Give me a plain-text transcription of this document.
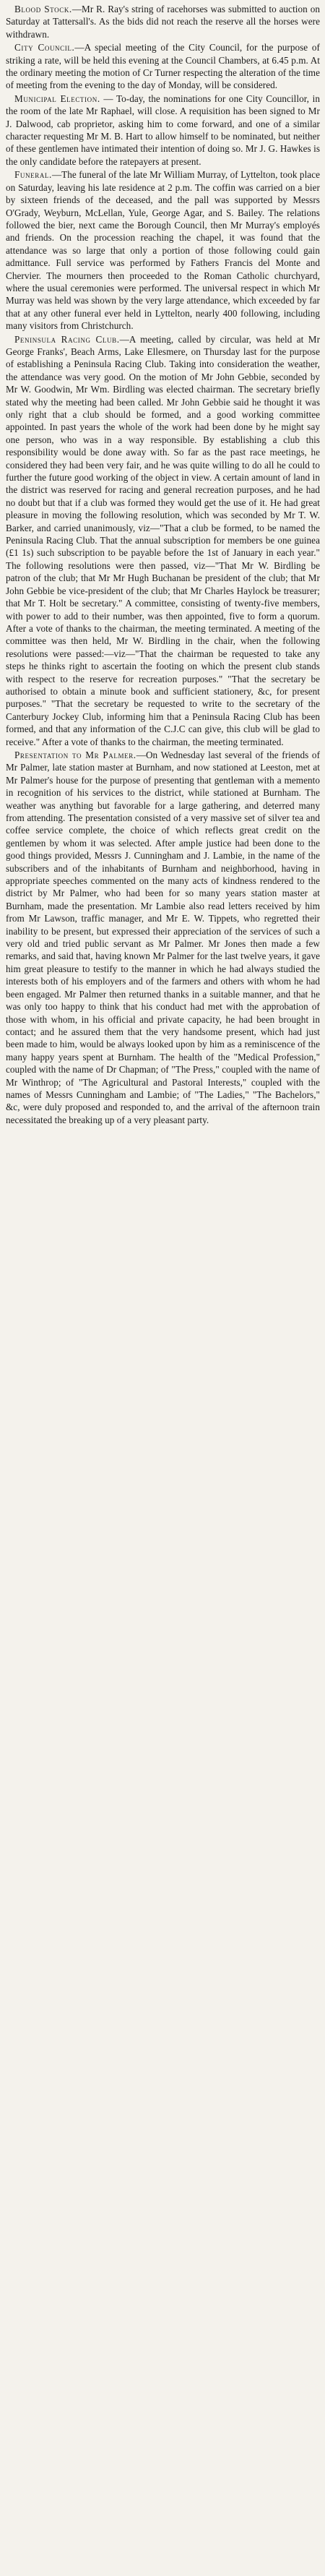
Blood Stock.—Mr R. Ray's string of racehorses was submitted to auction on Saturday at Tattersall's. As the bids did not reach the reserve all the horses were withdrawn.

City Council.—A special meeting of the City Council, for the purpose of striking a rate, will be held this evening at the Council Chambers, at 6.45 p.m. At the ordinary meeting the motion of Cr Turner respecting the alteration of the time of meeting from the evening to the day of Monday, will be considered.

Municipal Election. — To-day, the nominations for one City Councillor, in the room of the late Mr Raphael, will close. A requisition has been signed to Mr J. Dalwood, cab proprietor, asking him to come forward, and one of a similar character requesting Mr M. B. Hart to allow himself to be nominated, but neither of these gentlemen have intimated their intention of doing so. Mr J. G. Hawkes is the only candidate before the ratepayers at present.

Funeral.—The funeral of the late Mr William Murray, of Lyttelton, took place on Saturday, leaving his late residence at 2 p.m. The coffin was carried on a bier by sixteen friends of the deceased, and the pall was supported by Messrs O'Grady, Weyburn, McLellan, Yule, George Agar, and S. Bailey. The relations followed the bier, next came the Borough Council, then Mr Murray's employés and friends. On the procession reaching the chapel, it was found that the attendance was so large that only a portion of those following could gain admittance. Full service was performed by Fathers Francis del Monte and Chervier. The mourners then proceeded to the Roman Catholic churchyard, where the usual ceremonies were performed. The universal respect in which Mr Murray was held was shown by the very large attendance, which exceeded by far that at any other funeral ever held in Lyttelton, nearly 400 following, including many visitors from Christchurch.

Peninsula Racing Club.—A meeting, called by circular, was held at Mr George Franks', Beach Arms, Lake Ellesmere, on Thursday last for the purpose of establishing a Peninsula Racing Club. Taking into consideration the weather, the attendance was very good. On the motion of Mr John Gebbie, seconded by Mr W. Goodwin, Mr Wm. Birdling was elected chairman. The secretary briefly stated why the meeting had been called. Mr John Gebbie said he thought it was only right that a club should be formed, and a good working committee appointed. In past years the whole of the work had been done by he might say one person, who was in a way responsible. By establishing a club this responsibility would be done away with. So far as the past race meetings, he considered they had been very fair, and he was quite willing to do all he could to further the future good working of the object in view. A certain amount of land in the district was reserved for racing and general recreation purposes, and he had no doubt but that if a club was formed they would get the use of it. He had great pleasure in moving the following resolution, which was seconded by Mr T. W. Barker, and carried unanimously, viz—"That a club be formed, to be named the Peninsula Racing Club. That the annual subscription for members be one guinea (£1 1s) such subscription to be payable before the 1st of January in each year." The following resolutions were then passed, viz—"That Mr W. Birdling be patron of the club; that Mr Mr Hugh Buchanan be president of the club; that Mr John Gebbie be vice-president of the club; that Mr Charles Haylock be treasurer; that Mr T. Holt be secretary." A committee, consisting of twenty-five members, with power to add to their number, was then appointed, five to form a quorum. After a vote of thanks to the chairman, the meeting terminated. A meeting of the committee was then held, Mr W. Birdling in the chair, when the following resolutions were passed:—viz—"That the chairman be requested to take any steps he thinks right to ascertain the footing on which the present club stands with respect to the reserve for recreation purposes." "That the secretary be authorised to obtain a minute book and sufficient stationery, &c, for present purposes." "That the secretary be requested to write to the secretary of the Canterbury Jockey Club, informing him that a Peninsula Racing Club has been formed, and that any information of the C.J.C can give, this club will be glad to receive." After a vote of thanks to the chairman, the meeting terminated.

Presentation to Mr Palmer.—On Wednesday last several of the friends of Mr Palmer, late station master at Burnham, and now stationed at Leeston, met at Mr Palmer's house for the purpose of presenting that gentleman with a memento in recognition of his services to the district, while stationed at Burnham. The weather was anything but favorable for a large gathering, and deterred many from attending. The presentation consisted of a very massive set of silver tea and coffee service complete, the choice of which reflects great credit on the gentlemen by whom it was selected. After ample justice had been done to the good things provided, Messrs J. Cunningham and J. Lambie, in the name of the subscribers and of the inhabitants of Burnham and neighborhood, having in appropriate speeches commented on the many acts of kindness rendered to the district by Mr Palmer, who had been for so many years station master at Burnham, made the presentation. Mr Lambie also read letters received by him from Mr Lawson, traffic manager, and Mr E. W. Tippets, who regretted their inability to be present, but expressed their appreciation of the services of such a very old and tried public servant as Mr Palmer. Mr Jones then made a few remarks, and said that, having known Mr Palmer for the last twelve years, it gave him great pleasure to testify to the manner in which he had always studied the interests both of his employers and of the farmers and others with whom he had been engaged. Mr Palmer then returned thanks in a suitable manner, and that he was only too happy to think that his conduct had met with the approbation of those with whom, in his official and private capacity, he had been brought in contact; and he assured them that the very handsome present, which had just been made to him, would be always looked upon by him as a reminiscence of the many happy years spent at Burnham. The health of the "Medical Profession," coupled with the name of Dr Chapman; of "The Press," coupled with the name of Mr Winthrop; of "The Agricultural and Pastoral Interests," coupled with the names of Messrs Cunningham and Lambie; of "The Ladies," "The Bachelors," &c, were duly proposed and responded to, and the arrival of the afternoon train necessitated the breaking up of a very pleasant party.
